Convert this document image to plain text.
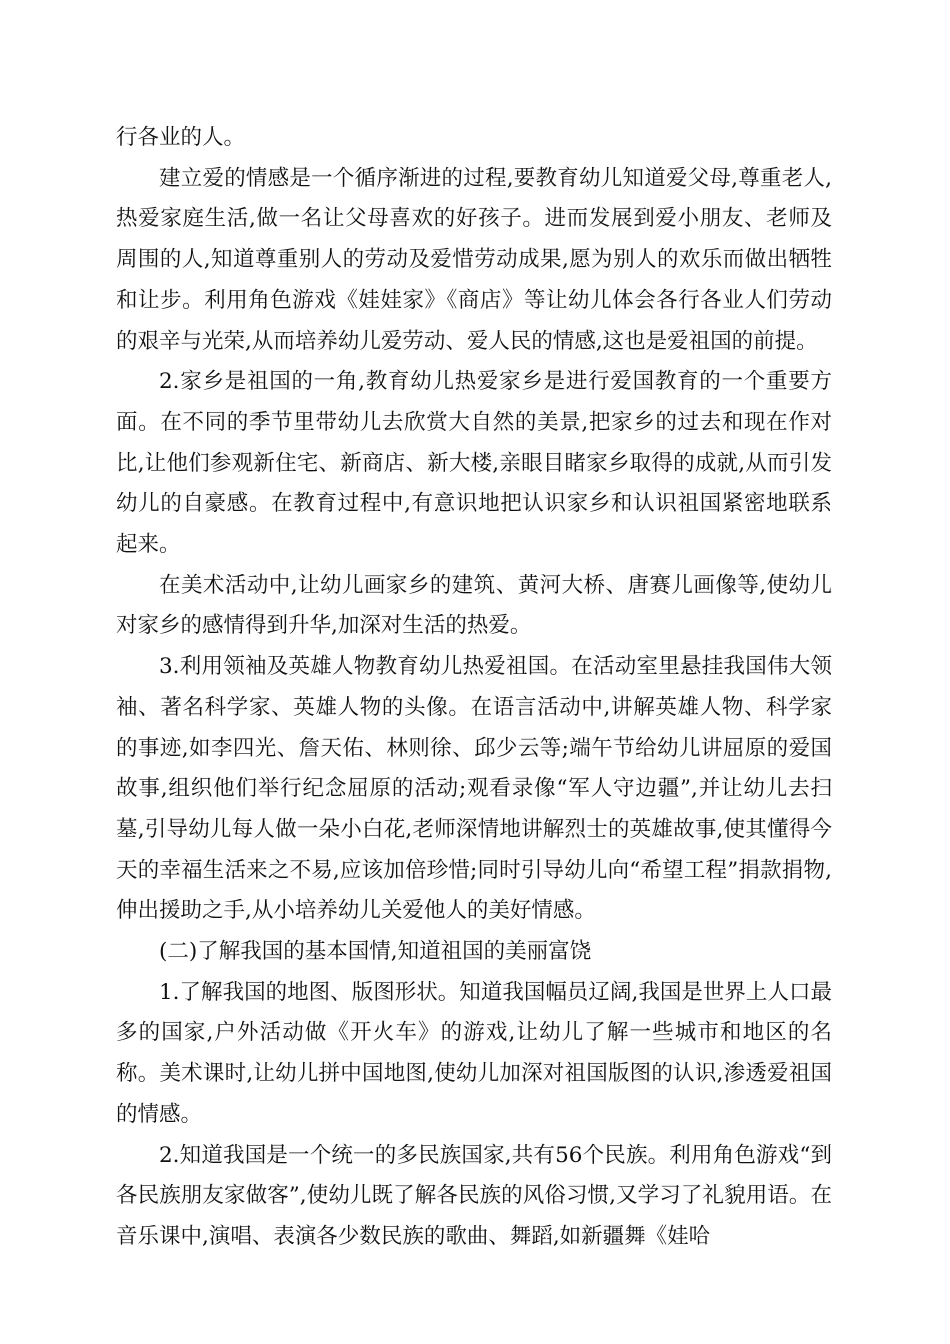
行各业的人。

建立爱的情感是一个循序渐进的过程,要教育幼儿知道爱父母,尊重老人,热爱家庭生活,做一名让父母喜欢的好孩子。进而发展到爱小朋友、老师及周围的人,知道尊重别人的劳动及爱惜劳动成果,愿为别人的欢乐而做出牺牲和让步。利用角色游戏《娃娃家》《商店》等让幼儿体会各行各业人们劳动的艰辛与光荣,从而培养幼儿爱劳动、爱人民的情感,这也是爱祖国的前提。

2.家乡是祖国的一角,教育幼儿热爱家乡是进行爱国教育的一个重要方面。在不同的季节里带幼儿去欣赏大自然的美景,把家乡的过去和现在作对比,让他们参观新住宅、新商店、新大楼,亲眼目睹家乡取得的成就,从而引发幼儿的自豪感。在教育过程中,有意识地把认识家乡和认识祖国紧密地联系起来。

在美术活动中,让幼儿画家乡的建筑、黄河大桥、唐赛儿画像等,使幼儿对家乡的感情得到升华,加深对生活的热爱。

3.利用领袖及英雄人物教育幼儿热爱祖国。在活动室里悬挂我国伟大领袖、著名科学家、英雄人物的头像。在语言活动中,讲解英雄人物、科学家的事迹,如李四光、詹天佑、林则徐、邱少云等;端午节给幼儿讲屈原的爱国故事,组织他们举行纪念屈原的活动;观看录像“军人守边疆”,并让幼儿去扫墓,引导幼儿每人做一朵小白花,老师深情地讲解烈士的英雄故事,使其懂得今天的幸福生活来之不易,应该加倍珍惜;同时引导幼儿向“希望工程”捐款捐物,伸出援助之手,从小培养幼儿关爱他人的美好情感。

(二)了解我国的基本国情,知道祖国的美丽富饶

1.了解我国的地图、版图形状。知道我国幅员辽阔,我国是世界上人口最多的国家,户外活动做《开火车》的游戏,让幼儿了解一些城市和地区的名称。美术课时,让幼儿拼中国地图,使幼儿加深对祖国版图的认识,渗透爱祖国的情感。

2.知道我国是一个统一的多民族国家,共有56个民族。利用角色游戏“到各民族朋友家做客”,使幼儿既了解各民族的风俗习惯,又学习了礼貌用语。在音乐课中,演唱、表演各少数民族的歌曲、舞蹈,如新疆舞《娃哈
